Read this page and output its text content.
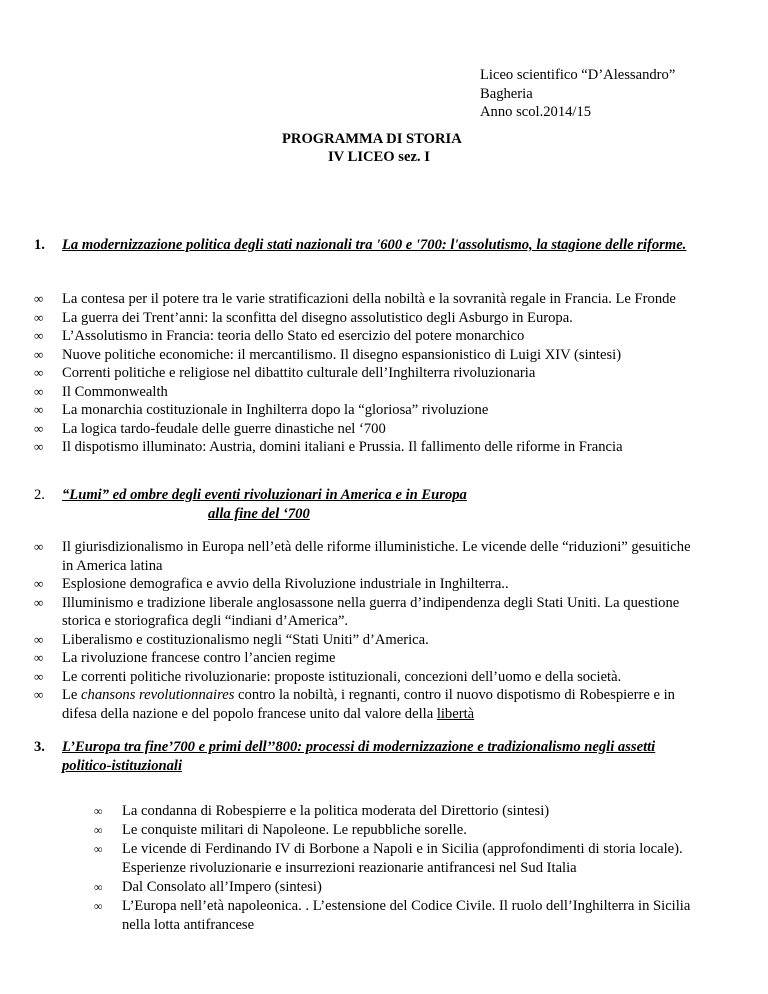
Liceo scientifico “D’Alessandro”
Bagheria
Anno scol.2014/15
PROGRAMMA DI STORIA
IV LICEO sez. I
1. La modernizzazione politica degli stati nazionali tra '600 e '700: l'assolutismo, la stagione delle riforme.
∞ La contesa per il potere tra le varie stratificazioni della nobiltà e la sovranità regale in Francia. Le Fronde
∞ La guerra dei Trent’anni: la sconfitta del disegno assolutistico degli Asburgo in Europa.
∞ L’Assolutismo in Francia: teoria dello Stato ed esercizio del potere monarchico
∞ Nuove politiche economiche: il mercantilismo. Il disegno espansionistico di Luigi XIV (sintesi)
∞ Correnti politiche e religiose nel dibattito culturale dell’Inghilterra rivoluzionaria
∞ Il Commonwealth
∞ La monarchia costituzionale in Inghilterra dopo la “gloriosa” rivoluzione
∞ La logica tardo-feudale delle guerre dinastiche nel ‘700
∞ Il dispotismo illuminato: Austria, domini italiani e Prussia. Il fallimento delle riforme in Francia
2. “Lumi” ed ombre degli eventi rivoluzionari in America e in Europa
alla fine del ‘700
∞ Il giurisdizionalismo in Europa nell’età delle riforme illuministiche. Le vicende delle “riduzioni” gesuitiche in America latina
∞ Esplosione demografica e avvio della Rivoluzione industriale in Inghilterra..
∞ Illuminismo e tradizione liberale anglosassone nella guerra d’indipendenza degli Stati Uniti. La questione storica e storiografica degli “indiani d’America”.
∞ Liberalismo e costituzionalismo negli “Stati Uniti” d’America.
∞ La rivoluzione francese contro l’ancien regime
∞ Le correnti politiche rivoluzionarie: proposte istituzionali, concezioni dell’uomo e della società.
∞ Le chansons revolutionnaires contro la nobiltà, i regnanti, contro il nuovo dispotismo di Robespierre e in difesa della nazione e del popolo francese unito dal valore della libertà
3. L’Europa tra fine’700 e primi dell’’800: processi di modernizzazione e tradizionalismo negli assetti politico-istituzionali
∞ La condanna di Robespierre e la politica moderata del Direttorio (sintesi)
∞ Le conquiste militari di Napoleone. Le repubbliche sorelle.
∞ Le vicende di Ferdinando IV di Borbone a Napoli e in Sicilia (approfondimenti di storia locale). Esperienze rivoluzionarie e insurrezioni reazionarie antifrancesi nel Sud Italia
∞ Dal Consolato all’Impero (sintesi)
∞ L’Europa nell’età napoleonica. . L’estensione del Codice Civile. Il ruolo dell’Inghilterra in Sicilia nella lotta antifrancese
